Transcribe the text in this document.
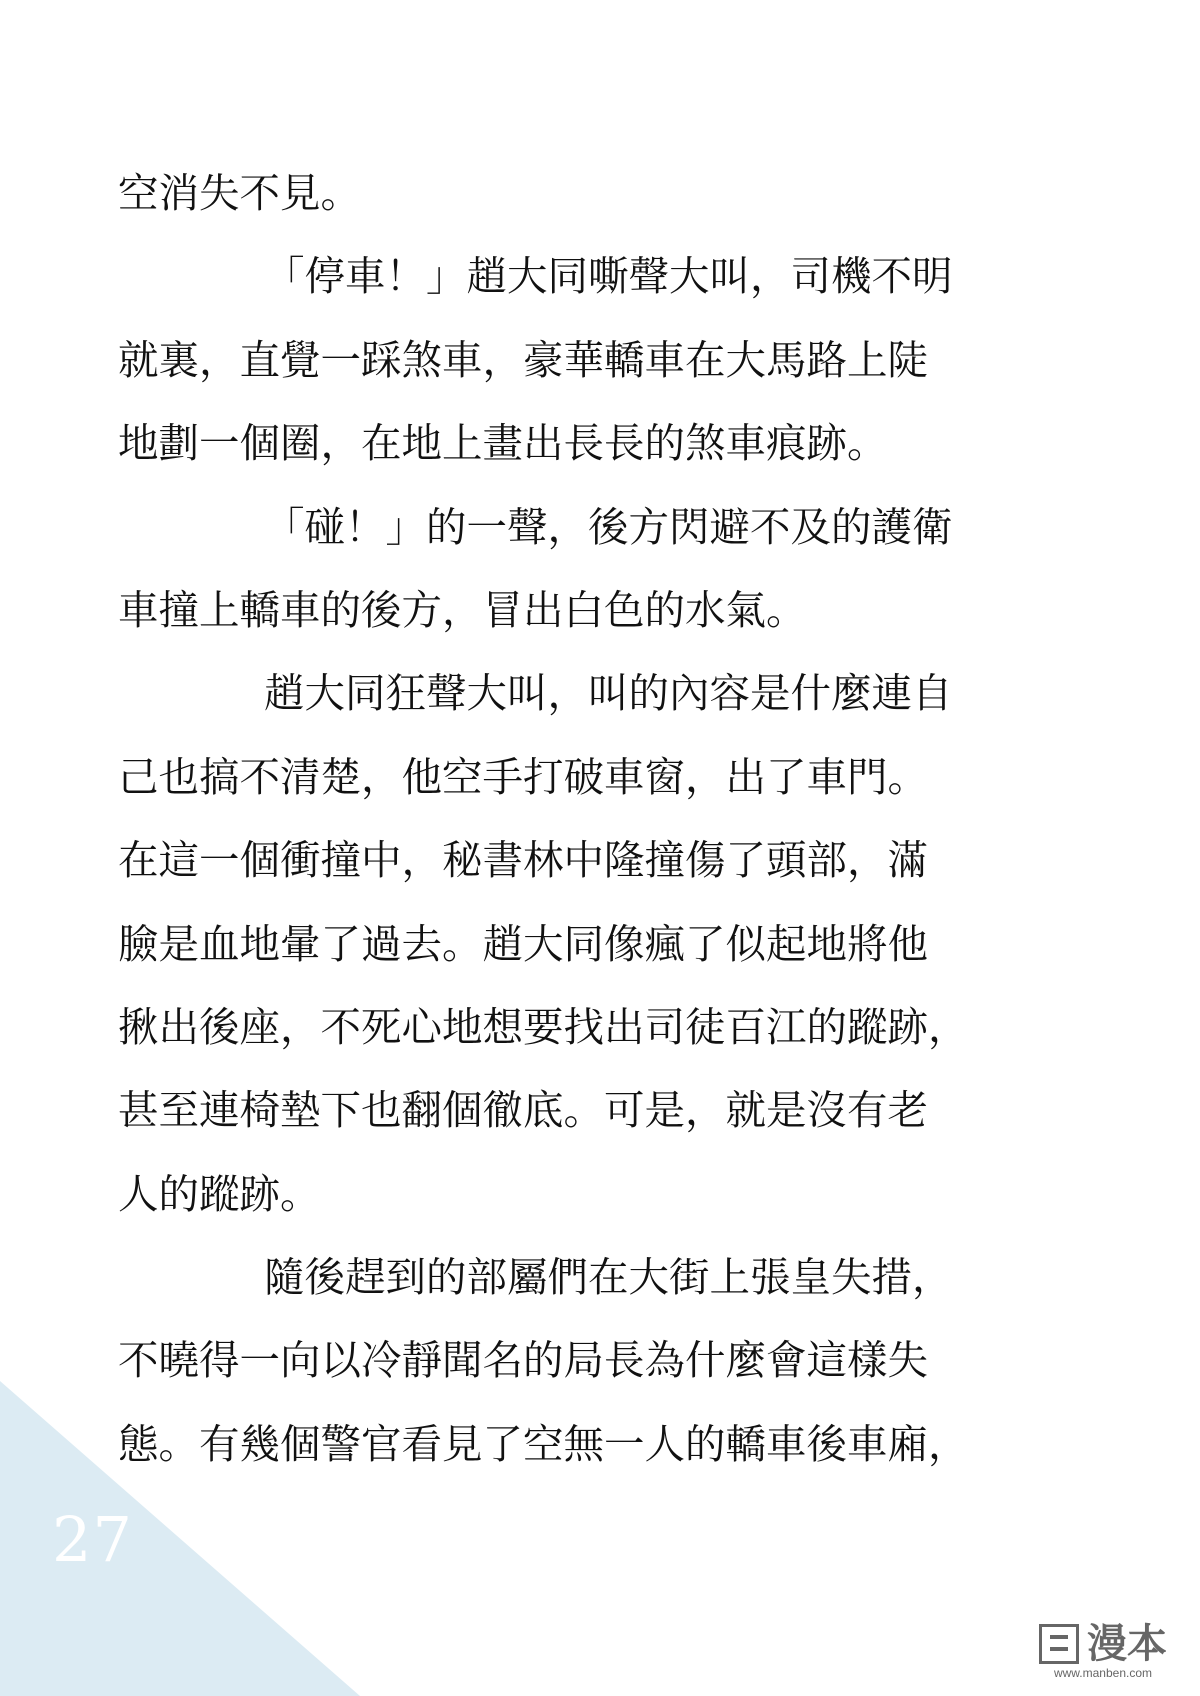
27
空消失不見。
「停車！」趙大同嘶聲大叫，司機不明
就裏，直覺一踩煞車，豪華轎車在大馬路上陡
地劃一個圈，在地上畫出長長的煞車痕跡。
「碰！」的一聲，後方閃避不及的護衛
車撞上轎車的後方，冒出白色的水氣。
趙大同狂聲大叫，叫的內容是什麼連自
己也搞不清楚，他空手打破車窗，出了車門。
在這一個衝撞中，秘書林中隆撞傷了頭部，滿
臉是血地暈了過去。趙大同像瘋了似起地將他
揪出後座，不死心地想要找出司徒百江的蹤跡，
甚至連椅墊下也翻個徹底。可是，就是沒有老
人的蹤跡。
隨後趕到的部屬們在大街上張皇失措，
不曉得一向以冷靜聞名的局長為什麼會這樣失
態。有幾個警官看見了空無一人的轎車後車廂，
漫本
www.manben.com
